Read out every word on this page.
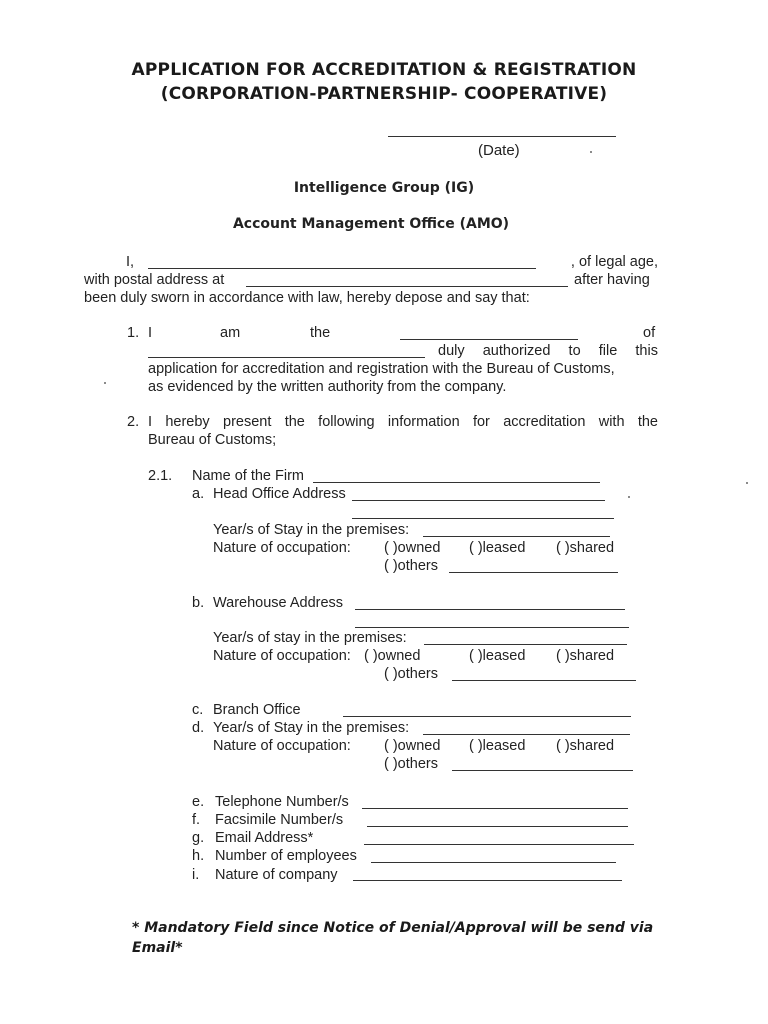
APPLICATION FOR ACCREDITATION & REGISTRATION
(CORPORATION-PARTNERSHIP- COOPERATIVE)
(Date)
Intelligence Group (IG)
Account Management Office (AMO)
I,	, of legal age,
with postal address at	after having
been duly sworn in accordance with law, hereby depose and say that:
1. I	am	the	of
duly authorized to file this
application for accreditation and registration with the Bureau of Customs,
as evidenced by the written authority from the company.
2. I hereby present the following information for accreditation with the
Bureau of Customs;
2.1. Name of the Firm
a. Head Office Address
Year/s of Stay in the premises:
Nature of occupation: ( )owned ( )leased ( )shared
( )others
b. Warehouse Address
Year/s of stay in the premises:
Nature of occupation: ( )owned	( )leased ( )shared
( )others
c. Branch Office
d. Year/s of Stay in the premises:
Nature of occupation: ( )owned ( )leased ( )shared
( )others
e. Telephone Number/s
f. Facsimile Number/s
g. Email Address*
h. Number of employees
i. Nature of company
* Mandatory Field since Notice of Denial/Approval will be send via Email*
